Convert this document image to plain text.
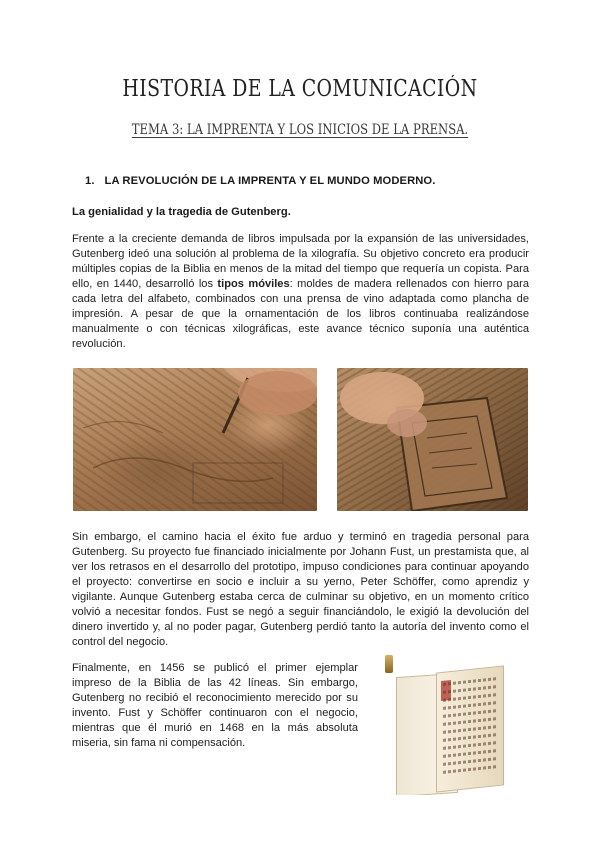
HISTORIA DE LA COMUNICACIÓN
TEMA 3: LA IMPRENTA Y LOS INICIOS DE LA PRENSA.
1. LA REVOLUCIÓN DE LA IMPRENTA Y EL MUNDO MODERNO.
La genialidad y la tragedia de Gutenberg.

Frente a la creciente demanda de libros impulsada por la expansión de las universidades, Gutenberg ideó una solución al problema de la xilografía. Su objetivo concreto era producir múltiples copias de la Biblia en menos de la mitad del tiempo que requería un copista. Para ello, en 1440, desarrolló los tipos móviles: moldes de madera rellenados con hierro para cada letra del alfabeto, combinados con una prensa de vino adaptada como plancha de impresión. A pesar de que la ornamentación de los libros continuaba realizándose manualmente o con técnicas xilográficas, este avance técnico suponía una auténtica revolución.

Sin embargo, el camino hacia el éxito fue arduo y terminó en tragedia personal para Gutenberg. Su proyecto fue financiado inicialmente por Johann Fust, un prestamista que, al ver los retrasos en el desarrollo del prototipo, impuso condiciones para continuar apoyando el proyecto: convertirse en socio e incluir a su yerno, Peter Schöffer, como aprendiz y vigilante. Aunque Gutenberg estaba cerca de culminar su objetivo, en un momento crítico volvió a necesitar fondos. Fust se negó a seguir financiándolo, le exigió la devolución del dinero invertido y, al no poder pagar, Gutenberg perdió tanto la autoría del invento como el control del negocio.

Finalmente, en 1456 se publicó el primer ejemplar impreso de la Biblia de las 42 líneas. Sin embargo, Gutenberg no recibió el reconocimiento merecido por su invento. Fust y Schöffer continuaron con el negocio, mientras que él murió en 1468 en la más absoluta miseria, sin fama ni compensación.
